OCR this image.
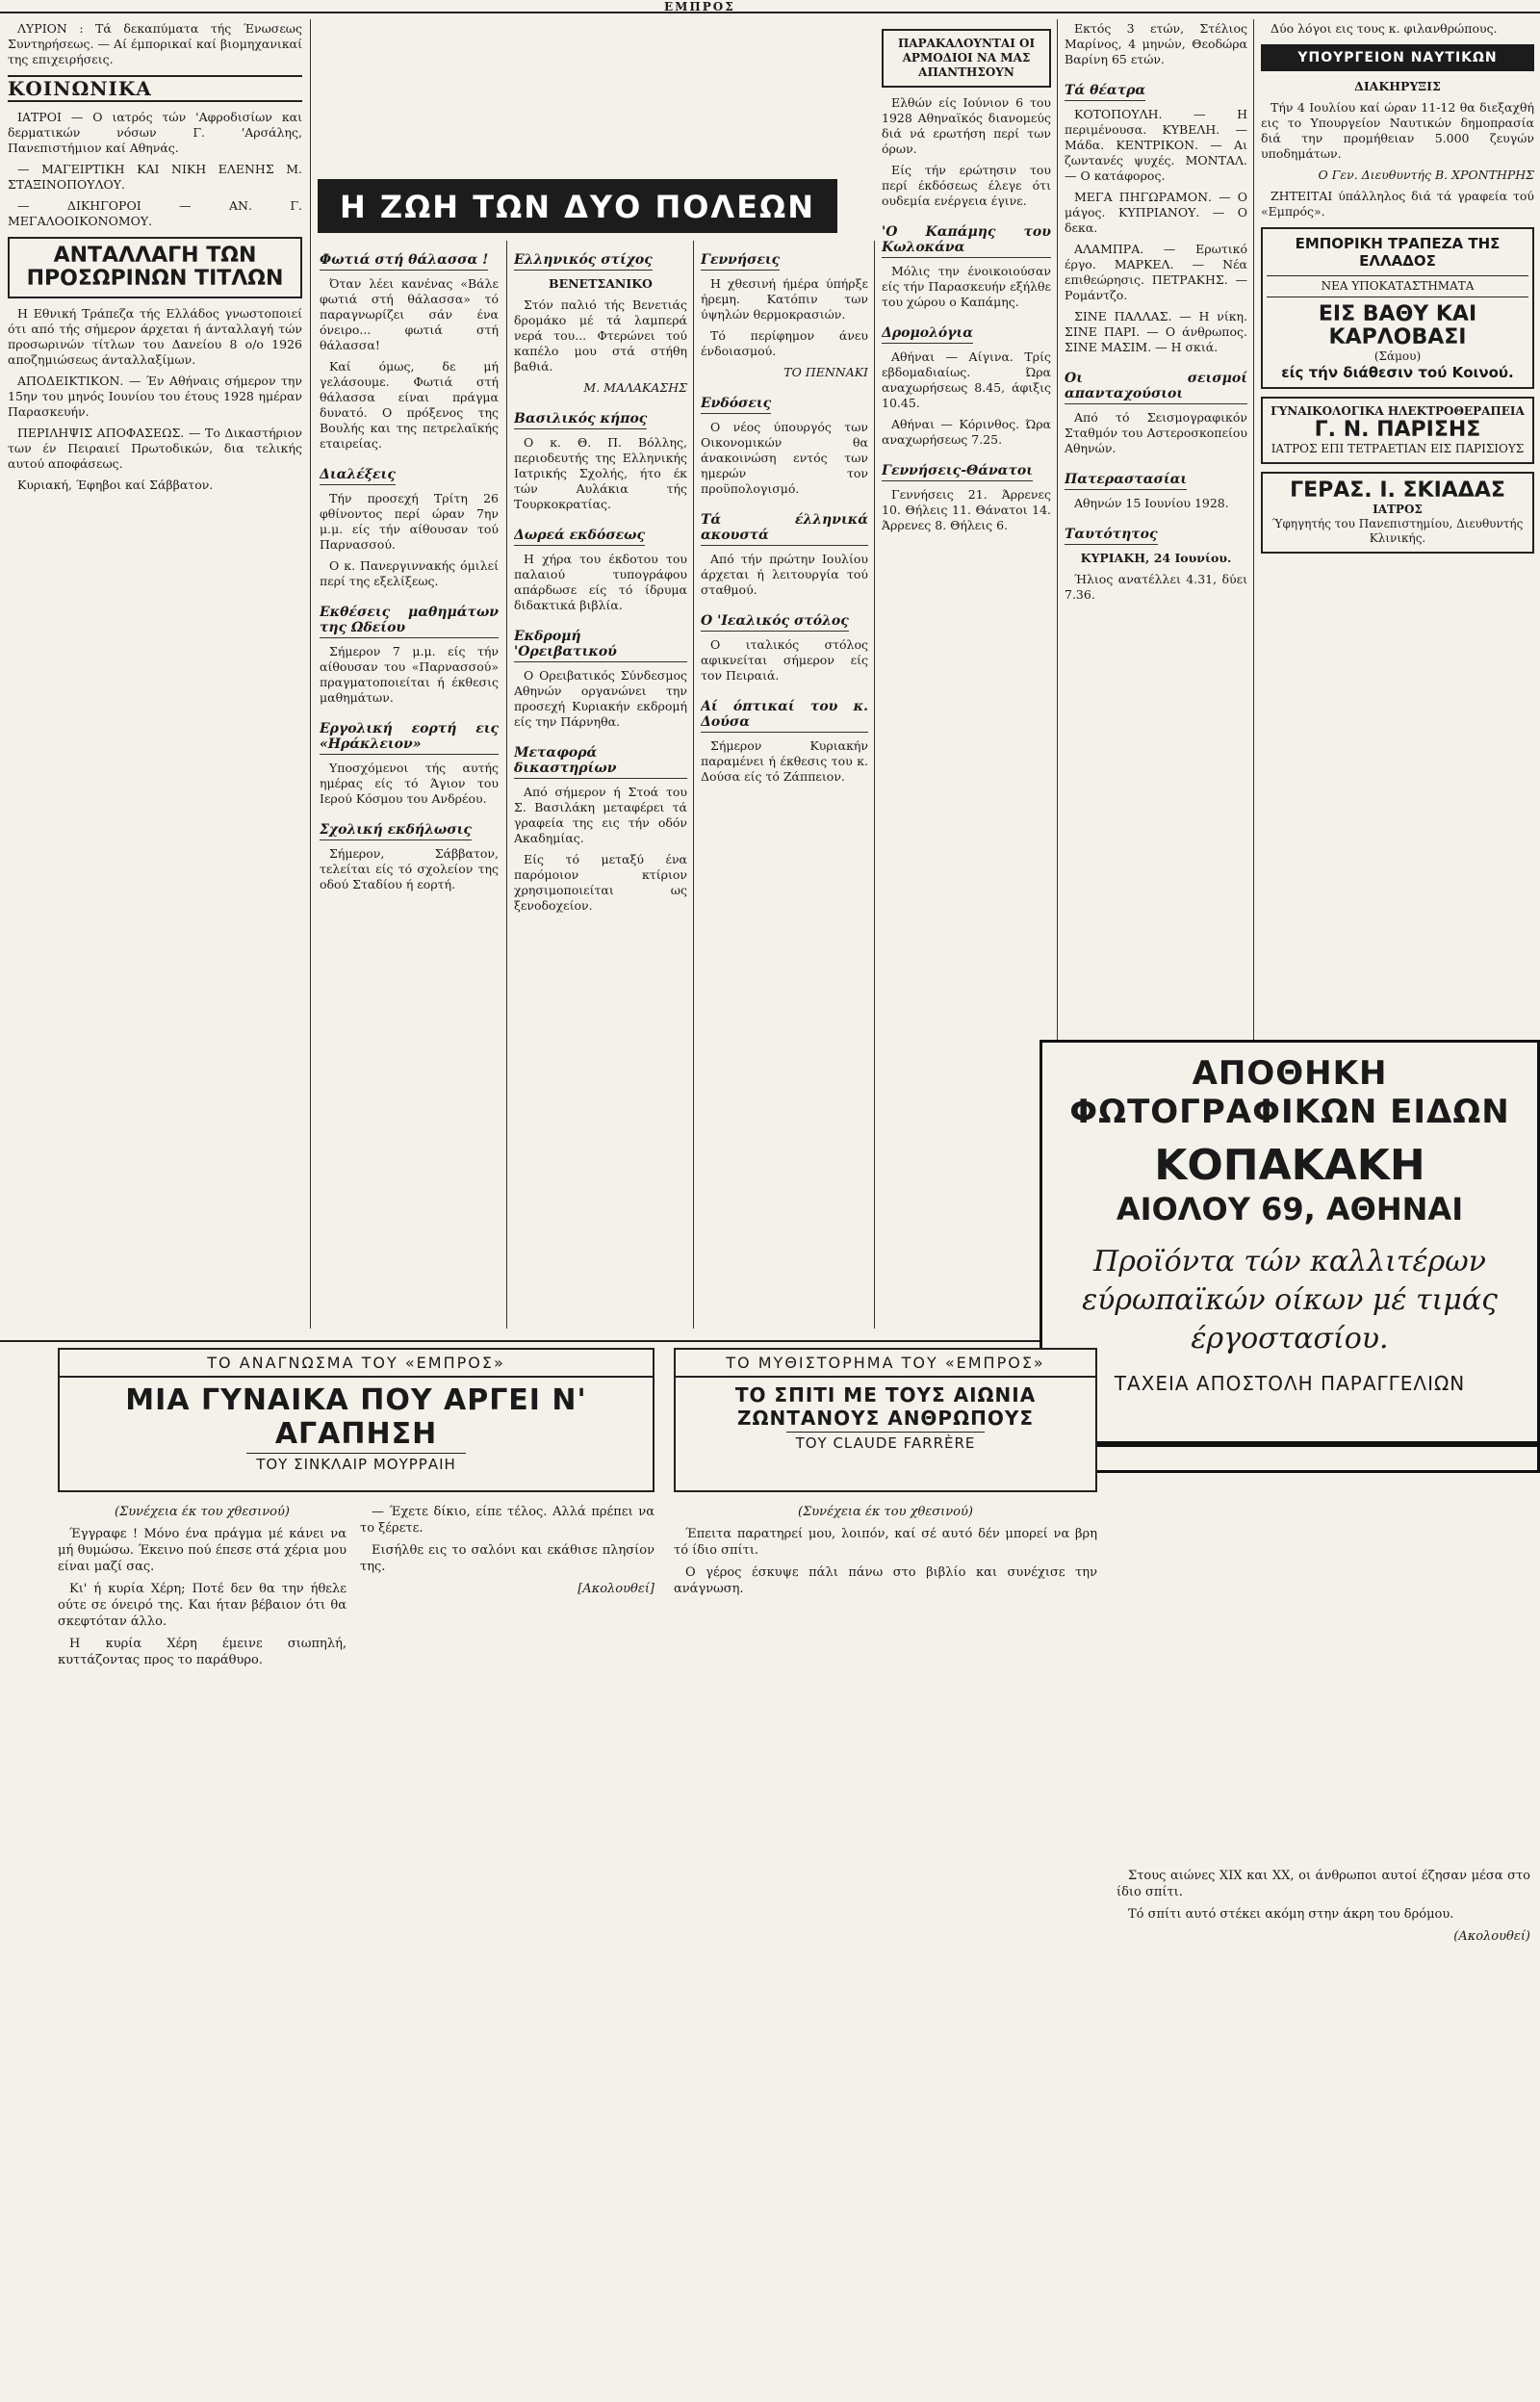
ΕΜΠΡΟΣ
Η ΖΩΗ ΤΩΝ ΔΥΟ ΠΟΛΕΩΝ

ΛΥΡΙΟΝ : Τά δεκαπύματα τής Ένωσεως Συντηρήσεως. — Αί έμπορικαί καί βιομηχανικαί της επιχειρήσεις.

ΚΟΙΝΩΝΙΚΑ

ΙΑΤΡΟΙ — Ο ιατρός τών 'Αφροδισίων και δερματικών νόσων Γ. 'Αρσάλης, Πανεπιστήμιον καί Αθηνάς.

— ΜΑΓΕΙΡΤΙΚΗ ΚΑΙ ΝΙΚΗ ΕΛΕΝΗΣ Μ. ΣΤΑΞΙΝΟΠΟΥΛΟΥ.

— ΔΙΚΗΓΟΡΟΙ — ΑΝ. Γ. ΜΕΓΑΛΟΟΙΚΟΝΟΜΟΥ.

ΑΝΤΑΛΛΑΓΗ ΤΩΝ ΠΡΟΣΩΡΙΝΩΝ ΤΙΤΛΩΝ

Η Εθνική Τράπεζα τής Ελλάδος γνωστοποιεί ότι από τής σήμερον άρχεται ή άνταλλαγή τών προσωρινών τίτλων του Δανείου 8 ο/ο 1926 αποζημιώσεως άνταλλαξίμων.

ΑΠΟΔΕΙΚΤΙΚΟΝ. — Έν Αθήναις σήμερον την 15ην του μηνός Ιουνίου του έτους 1928 ημέραν Παρασκευήν.

ΠΕΡΙΛΗΨΙΣ ΑΠΟΦΑΣΕΩΣ. — Το Δικαστήριον των έν Πειραιεί Πρωτοδικών, δια τελικής αυτού αποφάσεως.

Κυριακή, Έφηβοι καί Σάββατον.

Φωτιά στή θάλασσα !

Όταν λέει κανένας «Βάλε φωτιά στή θάλασσα» τό παραγνωρίζει σάν ένα όνειρο... φωτιά στή θάλασσα!

Καί όμως, δε μή γελάσουμε. Φωτιά στή θάλασσα είναι πράγμα δυνατό. Ο πρόξενος της Βουλής και της πετρελαϊκής εταιρείας.

Διαλέξεις

Τήν προσεχή Τρίτη 26 φθίνοντος περί ώραν 7ην μ.μ. είς τήν αίθουσαν τού Παρνασσού.

Ο κ. Πανεργιννακής όμιλεί περί της εξελίξεως.

Εκθέσεις μαθημάτων της Ωδείου

Σήμερον 7 μ.μ. είς τήν αίθουσαν του «Παρνασσού» πραγματοποιείται ή έκθεσις μαθημάτων.

Εργολική εορτή εις «Ηράκλειον»

Υποσχόμενοι τής αυτής ημέρας είς τό Άγιον του Ιερού Κόσμου του Ανδρέου.

Σχολική εκδήλωσις

Σήμερον, Σάββατον, τελείται είς τό σχολείον της οδού Σταδίου ή εορτή.

Ελληνικός στίχος

ΒΕΝΕΤΣΑΝΙΚΟ

Στόν παλιό τής Βενετιάς δρομάκο μέ τά λαμπερά νερά του... Φτερώνει τού καπέλο μου στά στήθη βαθιά.

Μ. ΜΑΛΑΚΑΣΗΣ

Βασιλικός κήπος

Ο κ. Θ. Π. Βόλλης, περιοδευτής της Ελληνικής Ιατρικής Σχολής, ήτο έκ τών Αυλάκια τής Τουρκοκρατίας.

Δωρεά εκδόσεως

Η χήρα του έκδοτου του παλαιού τυπογράφου απάρδωσε είς τό ίδρυμα διδακτικά βιβλία.

Εκδρομή 'Ορειβατικού

Ο Ορειβατικός Σύνδεσμος Αθηνών οργανώνει την προσεχή Κυριακήν εκδρομή είς την Πάρνηθα.

Μεταφορά δικαστηρίων

Από σήμερον ή Στοά του Σ. Βασιλάκη μεταφέρει τά γραφεία της εις τήν οδόν Ακαδημίας.

Είς τό μεταξύ ένα παρόμοιον κτίριον χρησιμοποιείται ως ξενοδοχείον.

Γεννήσεις

Η χθεσινή ήμέρα ύπήρξε ήρεμη. Κατόπιν των ύψηλών θερμοκρασιών.

Τό περίφημον άνευ ένδοιασμού.

ΤΟ ΠΕΝΝΑΚΙ

Ενδόσεις

Ο νέος ύπουργός των Οικονομικών θα άνακοινώση εντός των ημερών τον προϋπολογισμό.

Τά έλληνικά ακουστά

Από τήν πρώτην Ιουλίου άρχεται ή λειτουργία τού σταθμού.

Ο 'Ιεαλικός στόλος

Ο ιταλικός στόλος αφικνείται σήμερον είς τον Πειραιά.

Αί όπτικαί του κ. Δούσα

Σήμερον Κυριακήν παραμένει ή έκθεσις του κ. Δούσα είς τό Ζάππειον.

ΠΑΡΑΚΑΛΟΥΝΤΑΙ ΟΙ ΑΡΜΟΔΙΟΙ ΝΑ ΜΑΣ ΑΠΑΝΤΗΣΟΥΝ

Ελθών είς Ιούνιον 6 του 1928 Αθηναϊκός διανομεύς διά νά ερωτήση περί των όρων.

Είς τήν ερώτησιν του περί έκδόσεως έλεγε ότι ουδεμία ενέργεια έγινε.

'Ο Καπάμης του Κωλοκάνα

Μόλις την ένοικοιούσαν είς τήν Παρασκευήν εξήλθε του χώρου ο Καπάμης.

Δρομολόγια

Αθήναι — Αίγινα. Τρίς εβδομαδιαίως. Ώρα αναχωρήσεως 8.45, άφιξις 10.45.

Αθήναι — Κόρινθος. Ώρα αναχωρήσεως 7.25.

Γεννήσεις-Θάνατοι

Γεννήσεις 21. Άρρενες 10. Θήλεις 11. Θάνατοι 14. Άρρενες 8. Θήλεις 6.

Εκτός 3 ετών, Στέλιος Μαρίνος, 4 μηνών, Θεοδώρα Βαρίνη 65 ετών.

Τά θέατρα

ΚΟΤΟΠΟΥΛΗ. — Η περιμένουσα. ΚΥΒΕΛΗ. — Μάδα. ΚΕΝΤΡΙΚΟΝ. — Αι ζωντανές ψυχές. ΜΟΝΤΑΛ. — Ο κατάφορος.

ΜΕΓΑ ΠΗΓΩΡΑΜΟΝ. — Ο μάγος. ΚΥΠΡΙΑΝΟΥ. — Ο δεκα.

ΑΛΑΜΠΡΑ. — Ερωτικό έργο. ΜΑΡΚΕΛ. — Νέα επιθεώρησις. ΠΕΤΡΑΚΗΣ. — Ρομάντζο.

ΣΙΝΕ ΠΑΛΛΑΣ. — Η νίκη. ΣΙΝΕ ΠΑΡΙ. — Ο άνθρωπος. ΣΙΝΕ ΜΑΣΙΜ. — Η σκιά.

Οι σεισμοί απανταχούσιοι

Από τό Σεισμογραφικόν Σταθμόν του Αστεροσκοπείου Αθηνών.

Πατεραστασίαι

Αθηνών 15 Ιουνίου 1928.

Ταυτότητος

ΚΥΡΙΑΚΗ, 24 Ιουνίου.

Ήλιος ανατέλλει 4.31, δύει 7.36.

Δύο λόγοι εις τους κ. φιλανθρώπους.

ΥΠΟΥΡΓΕΙΟΝ ΝΑΥΤΙΚΩΝ

ΔΙΑΚΗΡΥΞΙΣ

Τήν 4 Ιουλίου καί ώραν 11-12 θα διεξαχθή εις το Υπουργείον Ναυτικών δημοπρασία διά την προμήθειαν 5.000 ζευγών υποδημάτων.

Ο Γεν. Διευθυντής Β. ΧΡΟΝΤΗΡΗΣ

ΖΗΤΕΙΤΑΙ ύπάλληλος διά τά γραφεία τού «Εμπρός».

ΕΜΠΟΡΙΚΗ ΤΡΑΠΕΖΑ ΤΗΣ ΕΛΛΑΔΟΣ
ΝΕΑ ΥΠΟΚΑΤΑΣΤΗΜΑΤΑ
ΕΙΣ ΒΑΘΥ ΚΑΙ ΚΑΡΛΟΒΑΣΙ
(Σάμου)
είς τήν διάθεσιν τού Κοινού.
ΓΥΝΑΙΚΟΛΟΓΙΚΑ ΗΛΕΚΤΡΟΘΕΡΑΠΕΙΑ
Γ. Ν. ΠΑΡΙΣΗΣ
ΙΑΤΡΟΣ ΕΠΙ ΤΕΤΡΑΕΤΙΑΝ ΕΙΣ ΠΑΡΙΣΙΟΥΣ
ΓΕΡΑΣ. Ι. ΣΚΙΑΔΑΣ
ΙΑΤΡΟΣ
Ύφηγητής του Πανεπιστημίου, Διευθυντής Κλινικής.
ΑΠΟΘΗΚΗ ΦΩΤΟΓΡΑΦΙΚΩΝ ΕΙΔΩΝ
ΚΟΠΑΚΑΚΗ
ΑΙΟΛΟΥ 69, ΑΘΗΝΑΙ
Προϊόντα τών καλλιτέρων εύρωπαϊκών οίκων μέ τιμάς έργοστασίου.
ΤΑΧΕΙΑ ΑΠΟΣΤΟΛΗ ΠΑΡΑΓΓΕΛΙΩΝ
ΤΟ ΑΝΑΓΝΩΣΜΑ ΤΟΥ «ΕΜΠΡΟΣ»
ΜΙΑ ΓΥΝΑΙΚΑ ΠΟΥ ΑΡΓΕΙ Ν' ΑΓΑΠΗΣΗ
ΤΟΥ ΣΙΝΚΛΑΙΡ ΜΟΥΡΡΑΙΗ

(Συνέχεια έκ του χθεσινού)

Έγγραφε ! Μόνο ένα πράγμα μέ κάνει να μή θυμώσω. Έκεινο πού έπεσε στά χέρια μου είναι μαζί σας.

Κι' ή κυρία Χέρη; Ποτέ δεν θα την ήθελε ούτε σε όνειρό της. Και ήταν βέβαιον ότι θα σκεφτόταν άλλο.

Η κυρία Χέρη έμεινε σιωπηλή, κυττάζοντας προς το παράθυρο.

— Έχετε δίκιο, είπε τέλος. Αλλά πρέπει να το ξέρετε.

Εισήλθε εις το σαλόνι και εκάθισε πλησίον της.

[Ακολουθεί]

ΤΟ ΜΥΘΙΣΤΟΡΗΜΑ ΤΟΥ «ΕΜΠΡΟΣ»
ΤΟ ΣΠΙΤΙ ΜΕ ΤΟΥΣ ΑΙΩΝΙΑ ΖΩΝΤΑΝΟΥΣ ΑΝΘΡΩΠΟΥΣ
ΤΟΥ CLAUDE FARRÈRE

(Συνέχεια έκ του χθεσινού)

Έπειτα παρατηρεί μου, λοιπόν, καί σέ αυτό δέν μπορεί να βρη τό ίδιο σπίτι.

Ο γέρος έσκυψε πάλι πάνω στο βιβλίο και συνέχισε την ανάγνωση.

Στους αιώνες XIX και XX, οι άνθρωποι αυτοί έζησαν μέσα στο ίδιο σπίτι.

Τό σπίτι αυτό στέκει ακόμη στην άκρη του δρόμου.

(Ακολουθεί)
